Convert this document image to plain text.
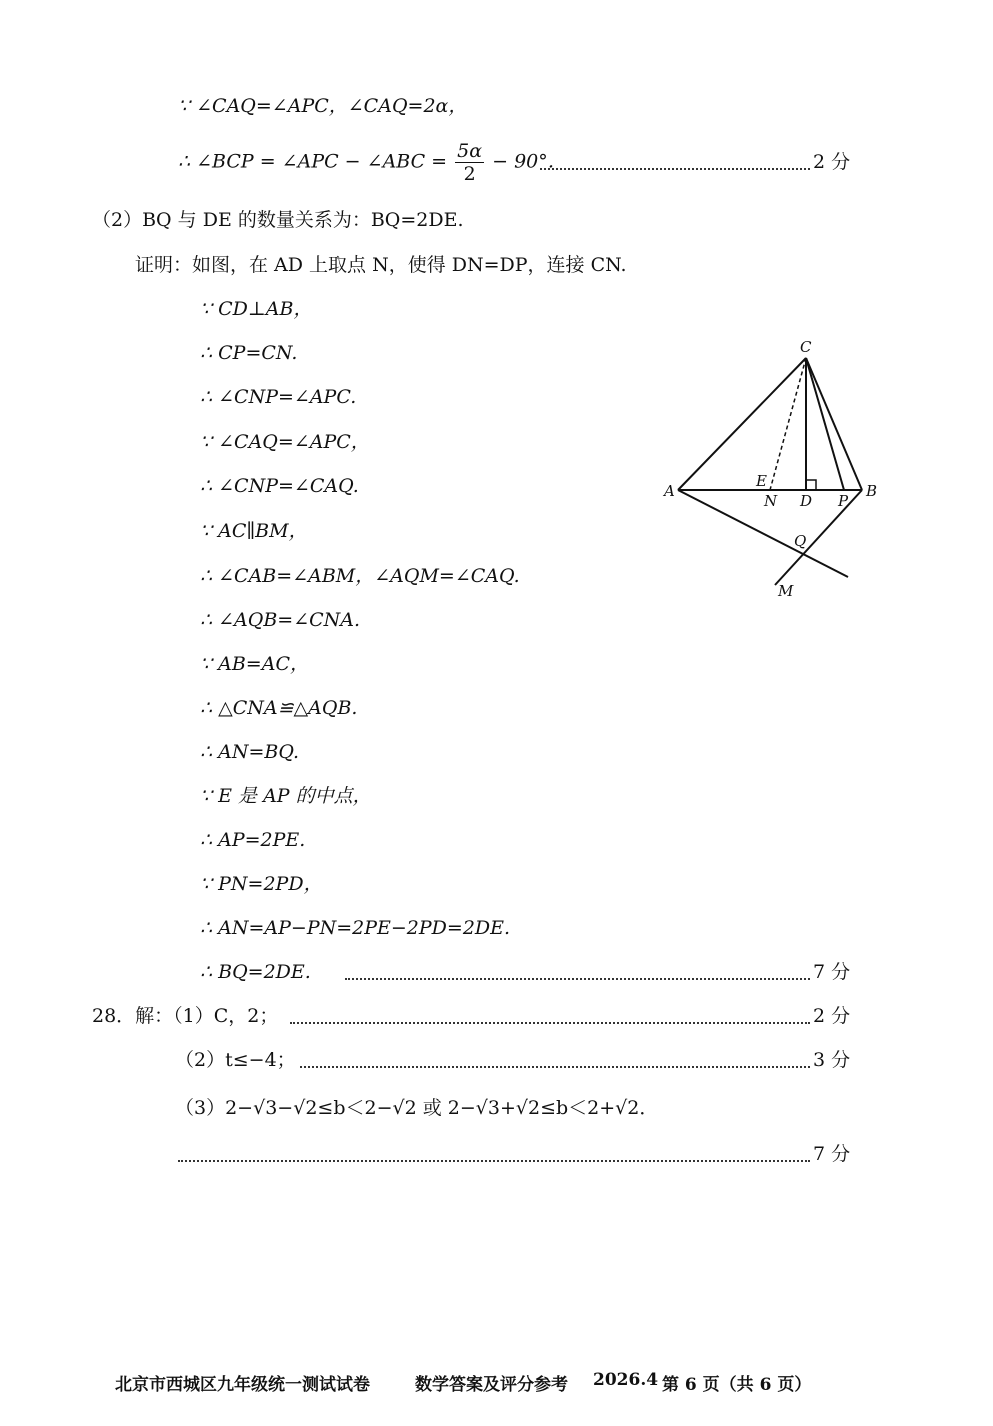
∵ ∠CAQ=∠APC，∠CAQ=2α，
∴ ∠BCP = ∠APC − ∠ABC = $\frac{5\alpha}{2} - 90^\circ$．	2 分
（2）BQ 与 DE 的数量关系为：BQ=2DE.
证明：如图，在 AD 上取点 N，使得 DN=DP，连接 CN.
∵ CD⊥AB，
∴ CP=CN.
∴ ∠CNP=∠APC.
∵ ∠CAQ=∠APC，
∴ ∠CNP=∠CAQ.
∵ AC∥BM，
∴ ∠CAB=∠ABM，∠AQM=∠CAQ.
∴ ∠AQB=∠CNA.
∵ AB=AC，
∴ △CNA≌△AQB.
∴ AN=BQ.
∵ E 是 AP 的中点，
∴ AP=2PE.
∵ PN=2PD，
∴ AN=AP−PN=2PE−2PD=2DE.
∴ BQ=2DE.	7 分
28．解：（1）C，2；	2 分
（2）t≤−4；	3 分
（3）2−√3−√2≤b＜2−√2 或 2−√3+√2≤b＜2+√2．
7 分
C
A	B
E
N D P
Q
M
北京市西城区九年级统一测试试卷	数学答案及评分参考 2026.4 第 6 页（共 6 页）
